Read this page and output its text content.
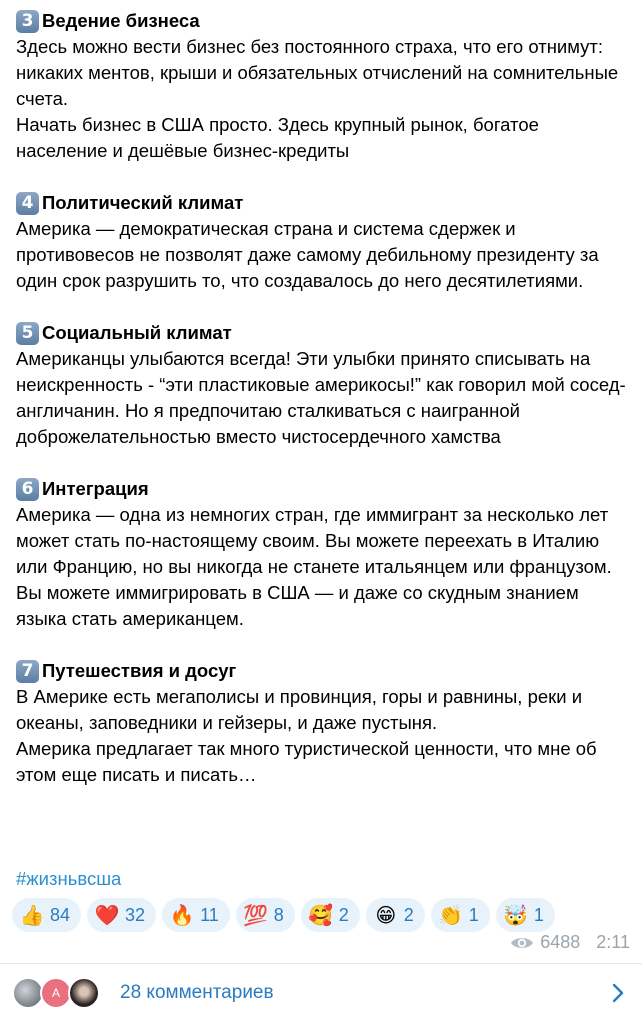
3 Ведение бизнеса
Здесь можно вести бизнес без постоянного страха, что его отнимут: никаких ментов, крыши и обязательных отчислений на сомнительные счета.
Начать бизнес в США просто. Здесь крупный рынок, богатое население и дешёвые бизнес-кредиты
4 Политический климат
Америка — демократическая страна и система сдержек и противовесов не позволят даже самому дебильному президенту за один срок разрушить то, что создавалось до него десятилетиями.
5 Социальный климат
Американцы улыбаются всегда! Эти улыбки принято списывать на неискренность - “эти пластиковые америкосы!” как говорил мой сосед-англичанин. Но я предпочитаю сталкиваться с наигранной доброжелательностью вместо чистосердечного хамства
6 Интеграция
Америка — одна из немногих стран, где иммигрант за несколько лет может стать по-настоящему своим. Вы можете переехать в Италию или Францию, но вы никогда не станете итальянцем или французом. Вы можете иммигрировать в США — и даже со скудным знанием языка стать американцем.
7 Путешествия и досуг
В Америке есть мегаполисы и провинция, горы и равнины, реки и океаны, заповедники и гейзеры, и даже пустыня.
Америка предлагает так много туристической ценности, что мне об этом еще писать и писать…
#жизньвсша
👍 84 ❤️ 32 🔥 11 💯 8 🥰 2 😁 2 👏 1 🤯 1
6488 2:11
А	28 комментариев
